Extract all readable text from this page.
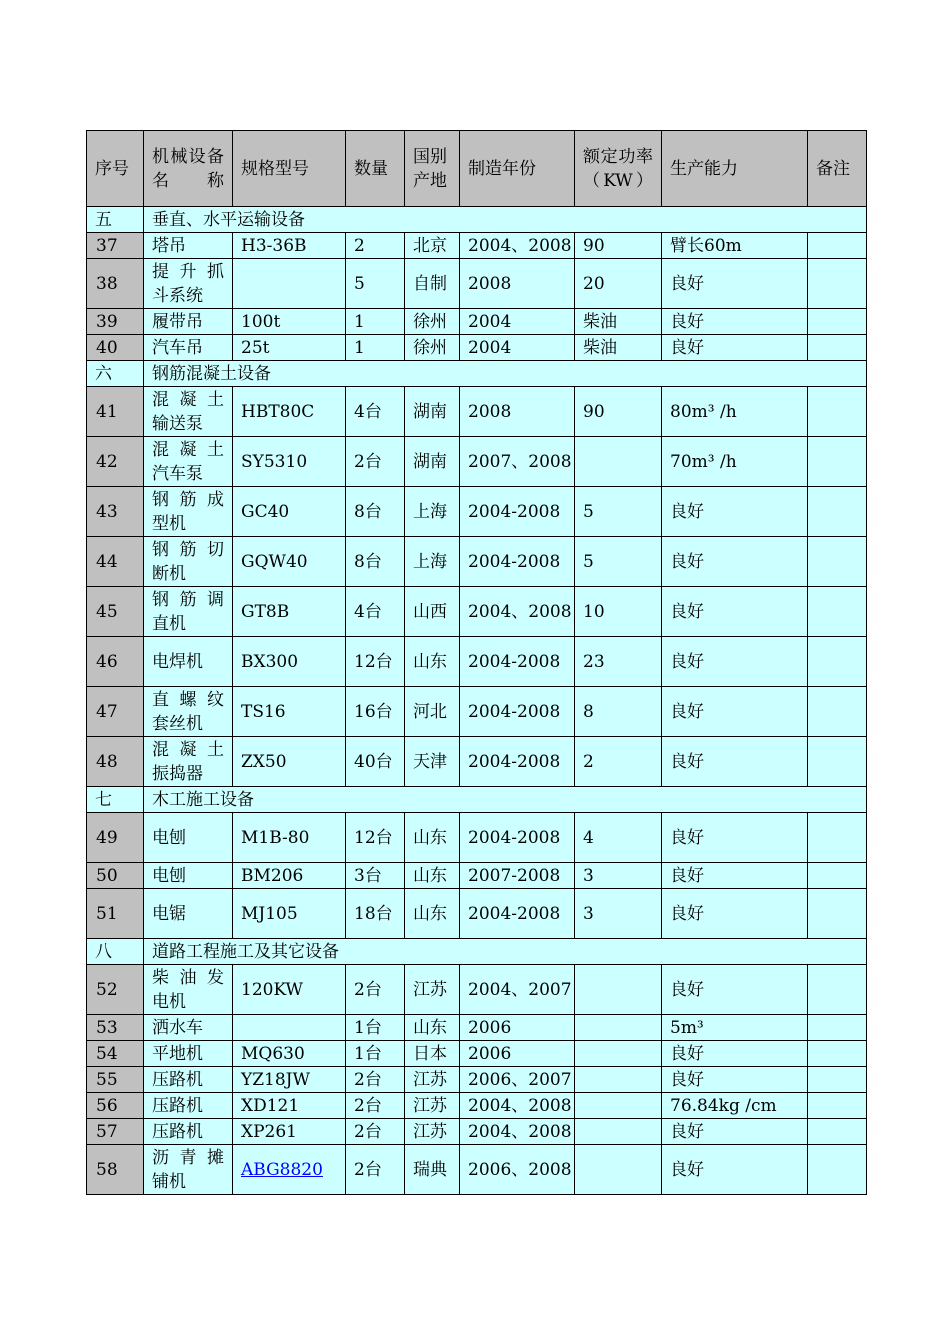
序号	机械设备名称	规格型号	数量	国别产地	制造年份	额定功率（KW）	生产能力	备注
五	垂直、水平运输设备							
37	塔吊	H3-36B	2	北京	2004、2008	90	臂长60m	
38	提升抓
斗系统		5	自制	2008	20	良好	
39	履带吊	100t	1	徐州	2004	柴油	良好	
40	汽车吊	25t	1	徐州	2004	柴油	良好	
六	钢筋混凝土设备							
41	混凝土
输送泵	HBT80C	4台	湖南	2008	90	80m³ /h	
42	混凝土
汽车泵	SY5310	2台	湖南	2007、2008		70m³ /h	
43	钢筋成
型机	GC40	8台	上海	2004-2008	5	良好	
44	钢筋切
断机	GQW40	8台	上海	2004-2008	5	良好	
45	钢筋调
直机	GT8B	4台	山西	2004、2008	10	良好	
46	电焊机	BX300	12台	山东	2004-2008	23	良好	
47	直螺纹
套丝机	TS16	16台	河北	2004-2008	8	良好	
48	混凝土
振捣器	ZX50	40台	天津	2004-2008	2	良好	
七	木工施工设备							
49	电刨	M1B-80	12台	山东	2004-2008	4	良好	
50	电刨	BM206	3台	山东	2007-2008	3	良好	
51	电锯	MJ105	18台	山东	2004-2008	3	良好	
八	道路工程施工及其它设备							
52	柴油发
电机	120KW	2台	江苏	2004、2007		良好	
53	洒水车		1台	山东	2006		5m³	
54	平地机	MQ630	1台	日本	2006		良好	
55	压路机	YZ18JW	2台	江苏	2006、2007		良好	
56	压路机	XD121	2台	江苏	2004、2008		76.84kg /cm	
57	压路机	XP261	2台	江苏	2004、2008		良好	
58	沥青摊
铺机	ABG8820	2台	瑞典	2006、2008		良好	
